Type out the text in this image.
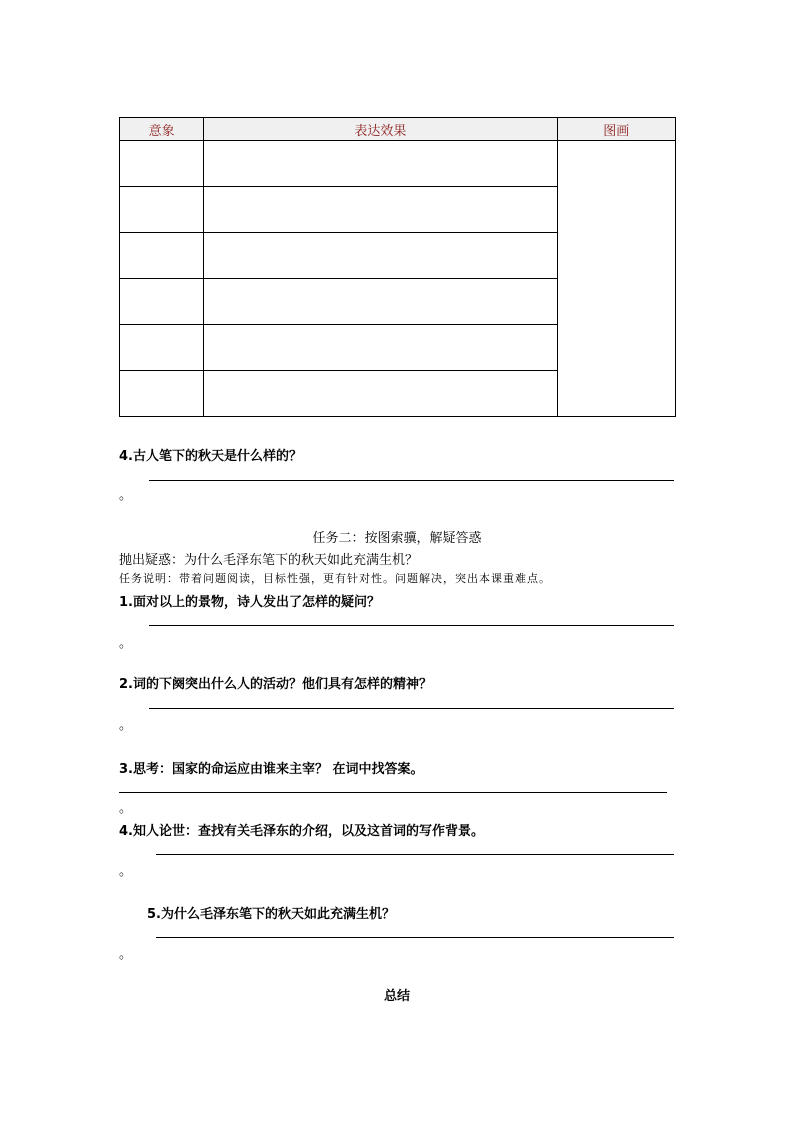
意象	表达效果	图画

4.古人笔下的秋天是什么样的？
。
任务二：按图索骥，解疑答惑
抛出疑惑：为什么毛泽东笔下的秋天如此充满生机？
任务说明：带着问题阅读，目标性强，更有针对性。问题解决，突出本课重难点。
1.面对以上的景物，诗人发出了怎样的疑问？
。
2.词的下阕突出什么人的活动？他们具有怎样的精神？
。
3.思考：国家的命运应由谁来主宰？ 在词中找答案。
。
4.知人论世：查找有关毛泽东的介绍，以及这首词的写作背景。
。
5.为什么毛泽东笔下的秋天如此充满生机？
。
总结
